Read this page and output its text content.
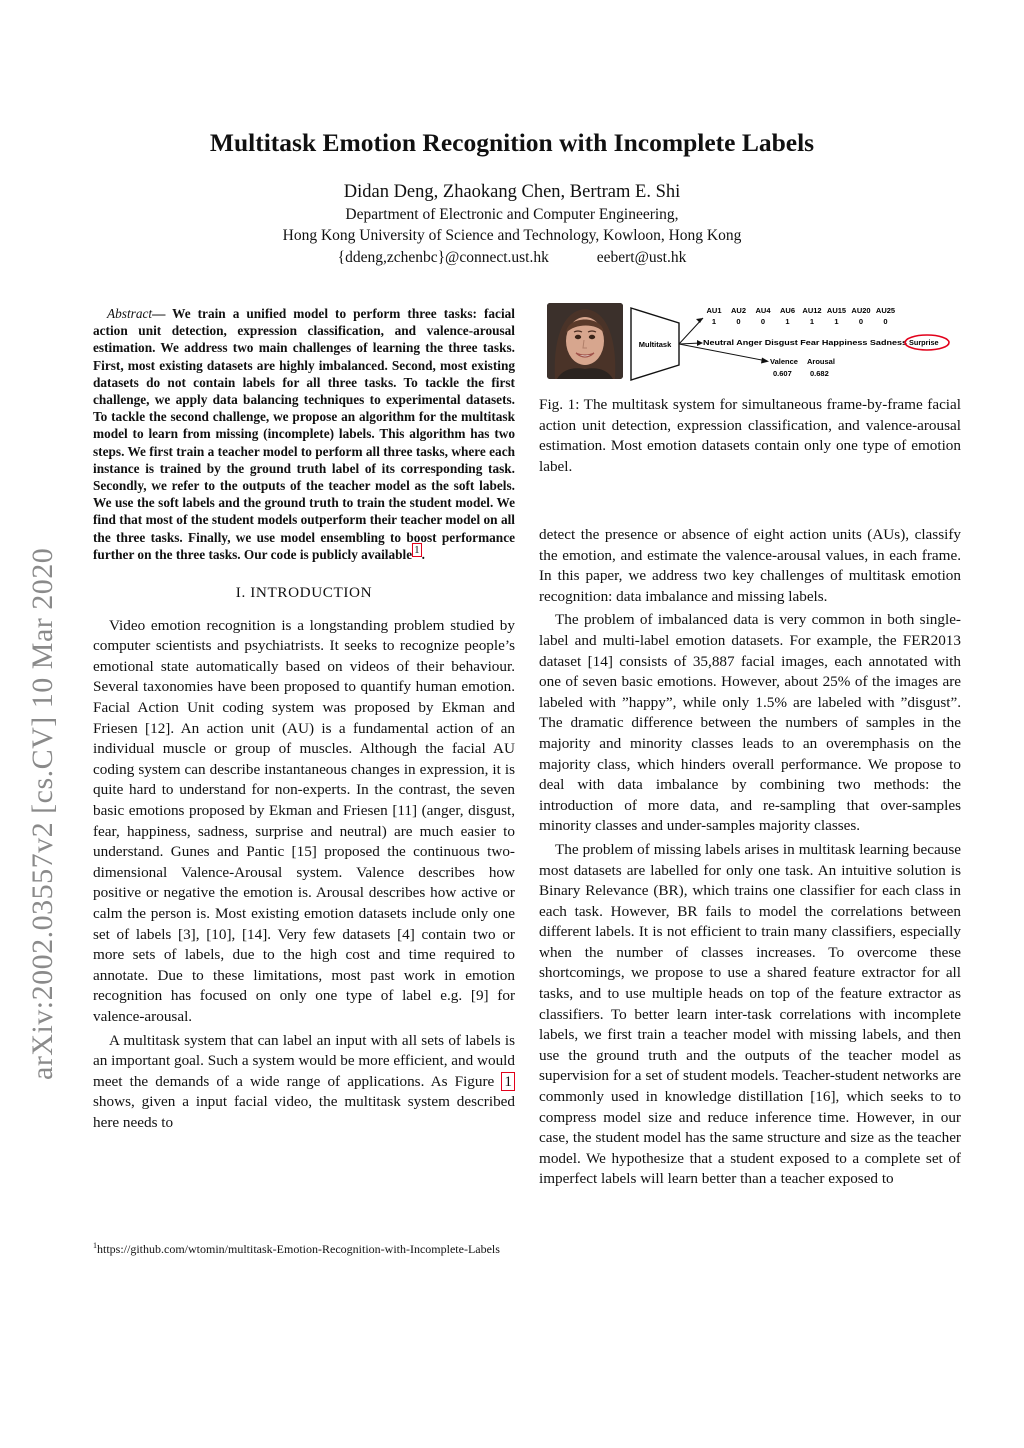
arXiv:2002.03557v2 [cs.CV] 10 Mar 2020
Multitask Emotion Recognition with Incomplete Labels
Didan Deng, Zhaokang Chen, Bertram E. Shi
Department of Electronic and Computer Engineering,
Hong Kong University of Science and Technology, Kowloon, Hong Kong
{ddeng,zchenbc}@connect.ust.hk	eebert@ust.hk

Abstract— We train a unified model to perform three tasks: facial action unit detection, expression classification, and valence-arousal estimation. We address two main challenges of learning the three tasks. First, most existing datasets are highly imbalanced. Second, most existing datasets do not contain labels for all three tasks. To tackle the first challenge, we apply data balancing techniques to experimental datasets. To tackle the second challenge, we propose an algorithm for the multitask model to learn from missing (incomplete) labels. This algorithm has two steps. We first train a teacher model to perform all three tasks, where each instance is trained by the ground truth label of its corresponding task. Secondly, we refer to the outputs of the teacher model as the soft labels. We use the soft labels and the ground truth to train the student model. We find that most of the student models outperform their teacher model on all the three tasks. Finally, we use model ensembling to boost performance further on the three tasks. Our code is publicly available $^1$ .

I. INTRODUCTION

Video emotion recognition is a longstanding problem studied by computer scientists and psychiatrists. It seeks to recognize people’s emotional state automatically based on videos of their behaviour. Several taxonomies have been proposed to quantify human emotion. Facial Action Unit coding system was proposed by Ekman and Friesen [12]. An action unit (AU) is a fundamental action of an individual muscle or group of muscles. Although the facial AU coding system can describe instantaneous changes in expression, it is quite hard to understand for non-experts. In the contrast, the seven basic emotions proposed by Ekman and Friesen [11] (anger, disgust, fear, happiness, sadness, surprise and neutral) are much easier to understand. Gunes and Pantic [15] proposed the continuous two-dimensional Valence-Arousal system. Valence describes how positive or negative the emotion is. Arousal describes how active or calm the person is. Most existing emotion datasets include only one set of labels [3], [10], [14]. Very few datasets [4] contain two or more sets of labels, due to the high cost and time required to annotate. Due to these limitations, most past work in emotion recognition has focused on only one type of label e.g. [9] for valence-arousal.

A multitask system that can label an input with all sets of labels is an important goal. Such a system would be more efficient, and would meet the demands of a wide range of applications. As Figure 1 shows, given a input facial video, the multitask system described here needs to

$^1$https://github.com/wtomin/multitask-Emotion-Recognition-with-Incomplete-Labels
Multitask
AU1
1
AU2
0
AU4
0
AU6
1
AU12
1
AU15
1
AU20
0
AU25
0
Neutral Anger Disgust Fear Happiness Sadness Surprise
Valence Arousal
0.607 0.682
Fig. 1: The multitask system for simultaneous frame-by-frame facial action unit detection, expression classification, and valence-arousal estimation. Most emotion datasets contain only one type of emotion label.

detect the presence or absence of eight action units (AUs), classify the emotion, and estimate the valence-arousal values, in each frame. In this paper, we address two key challenges of multitask emotion recognition: data imbalance and missing labels.

The problem of imbalanced data is very common in both single-label and multi-label emotion datasets. For example, the FER2013 dataset [14] consists of 35,887 facial images, each annotated with one of seven basic emotions. However, about 25% of the images are labeled with ”happy”, while only 1.5% are labeled with ”disgust”. The dramatic difference between the numbers of samples in the majority and minority classes leads to an overemphasis on the majority class, which hinders overall performance. We propose to deal with data imbalance by combining two methods: the introduction of more data, and re-sampling that over-samples minority classes and under-samples majority classes.

The problem of missing labels arises in multitask learning because most datasets are labelled for only one task. An intuitive solution is Binary Relevance (BR), which trains one classifier for each class in each task. However, BR fails to model the correlations between different labels. It is not efficient to train many classifiers, especially when the number of classes increases. To overcome these shortcomings, we propose to use a shared feature extractor for all tasks, and to use multiple heads on top of the feature extractor as classifiers. To better learn inter-task correlations with incomplete labels, we first train a teacher model with missing labels, and then use the ground truth and the outputs of the teacher model as supervision for a set of student models. Teacher-student networks are commonly used in knowledge distillation [16], which seeks to to compress model size and reduce inference time. However, in our case, the student model has the same structure and size as the teacher model. We hypothesize that a student exposed to a complete set of imperfect labels will learn better than a teacher exposed to
